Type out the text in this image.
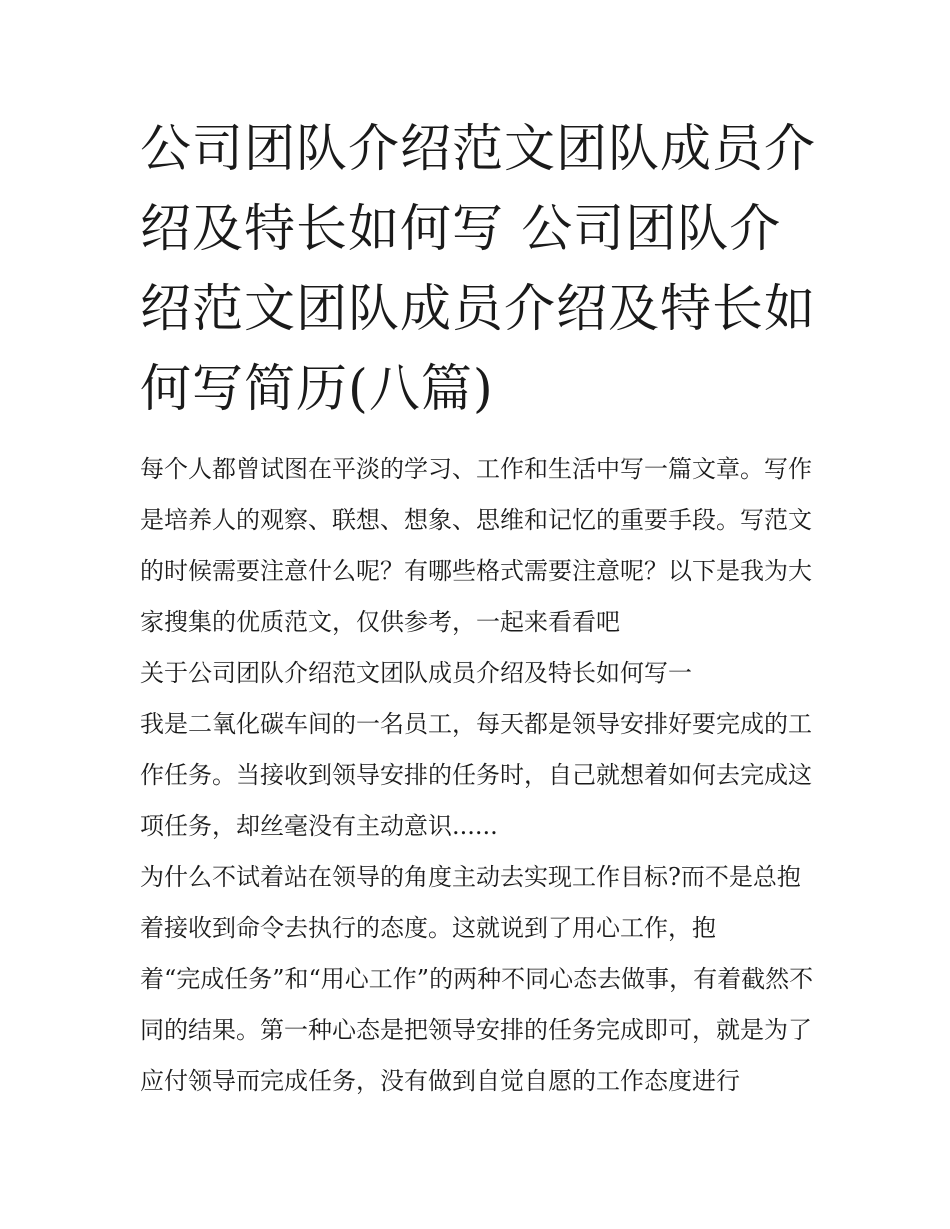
公司团队介绍范文团队成员介绍及特长如何写 公司团队介绍范文团队成员介绍及特长如何写简历(八篇)

每个人都曾试图在平淡的学习、工作和生活中写一篇文章。写作是培养人的观察、联想、想象、思维和记忆的重要手段。写范文的时候需要注意什么呢？有哪些格式需要注意呢？以下是我为大家搜集的优质范文，仅供参考，一起来看看吧

关于公司团队介绍范文团队成员介绍及特长如何写一

我是二氧化碳车间的一名员工，每天都是领导安排好要完成的工作任务。当接收到领导安排的任务时，自己就想着如何去完成这项任务，却丝毫没有主动意识......

为什么不试着站在领导的角度主动去实现工作目标?而不是总抱着接收到命令去执行的态度。这就说到了用心工作，抱

着“完成任务”和“用心工作”的两种不同心态去做事，有着截然不同的结果。第一种心态是把领导安排的任务完成即可，就是为了应付领导而完成任务，没有做到自觉自愿的工作态度进行
